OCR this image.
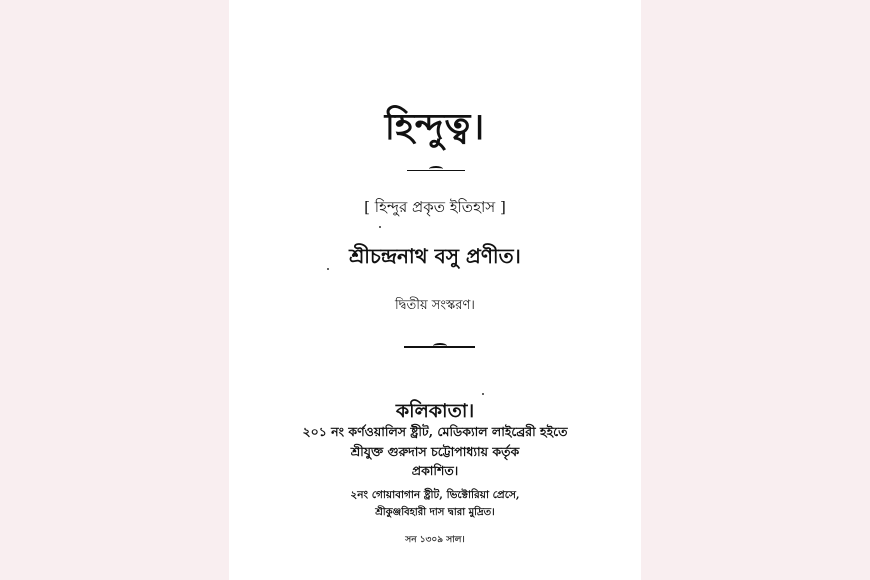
হিন্দুত্ব।
[ হিন্দুর প্রকৃত ইতিহাস ]
শ্রীচন্দ্রনাথ বসু প্রণীত।
দ্বিতীয় সংস্করণ।
কলিকাতা।
২০১ নং কর্ণওয়ালিস ষ্ট্রীট, মেডিক্যাল লাইব্রেরী হইতে
শ্রীযুক্ত গুরুদাস চট্টোপাধ্যায় কর্তৃক
প্রকাশিত।
২নং গোয়াবাগান ষ্ট্রীট, ভিক্টোরিয়া প্রেসে,
শ্রীকুঞ্জবিহারী দাস দ্বারা মুদ্রিত।
সন ১৩০৯ সাল।
